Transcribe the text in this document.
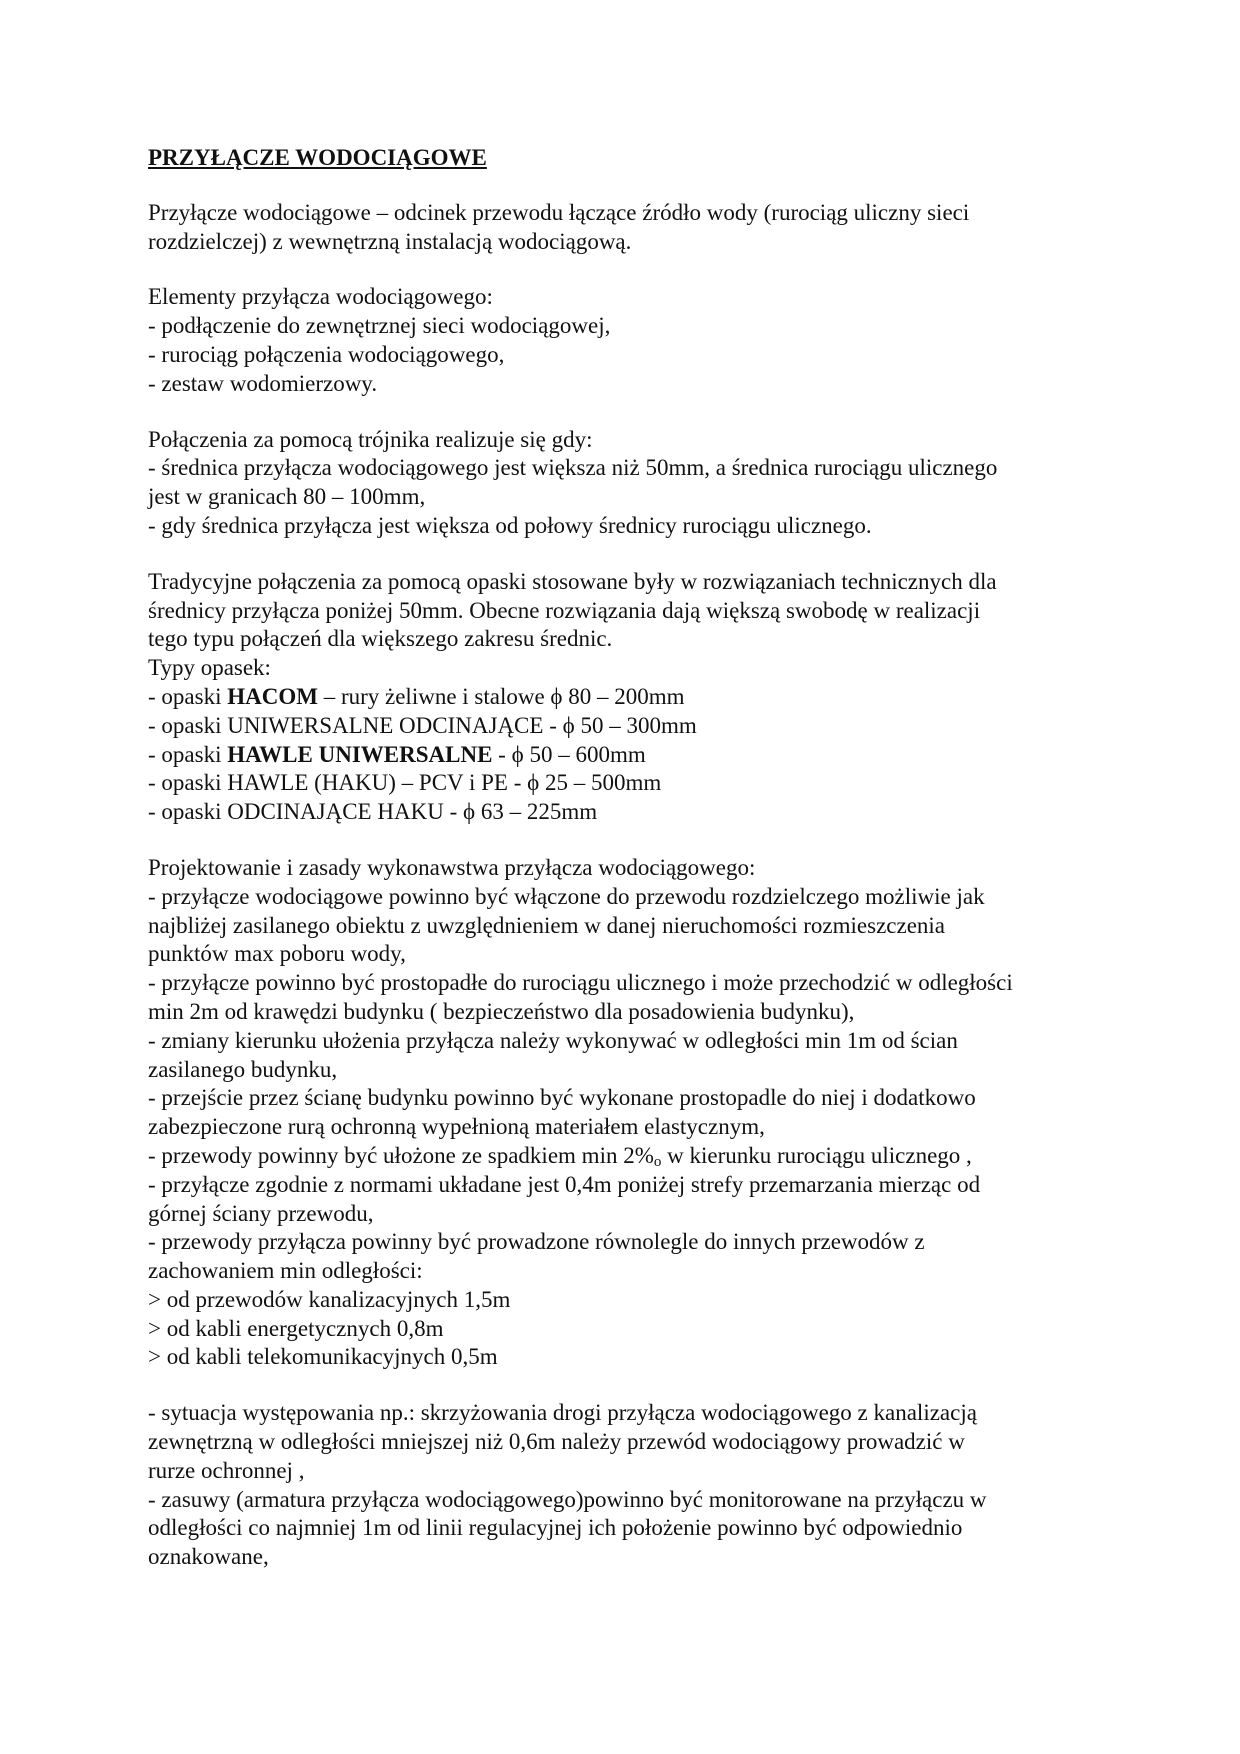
PRZYŁĄCZE WODOCIĄGOWE
Przyłącze wodociągowe – odcinek przewodu łączące źródło wody (rurociąg uliczny sieci
rozdzielczej) z wewnętrzną instalacją wodociągową.
Elementy przyłącza wodociągowego:
- podłączenie do zewnętrznej sieci wodociągowej,
- rurociąg połączenia wodociągowego,
- zestaw wodomierzowy.
Połączenia za pomocą trójnika realizuje się gdy:
- średnica przyłącza wodociągowego jest większa niż 50mm, a średnica rurociągu ulicznego
jest w granicach 80 – 100mm,
- gdy średnica przyłącza jest większa od połowy średnicy rurociągu ulicznego.
Tradycyjne połączenia za pomocą opaski stosowane były w rozwiązaniach technicznych dla
średnicy przyłącza poniżej 50mm. Obecne rozwiązania dają większą swobodę w realizacji
tego typu połączeń dla większego zakresu średnic.
Typy opasek:
- opaski HACOM – rury żeliwne i stalowe ϕ 80 – 200mm
- opaski UNIWERSALNE ODCINAJĄCE - ϕ 50 – 300mm
- opaski HAWLE UNIWERSALNE - ϕ 50 – 600mm
- opaski HAWLE (HAKU) – PCV i PE - ϕ 25 – 500mm
- opaski ODCINAJĄCE HAKU - ϕ 63 – 225mm
Projektowanie i zasady wykonawstwa przyłącza wodociągowego:
- przyłącze wodociągowe powinno być włączone do przewodu rozdzielczego możliwie jak
najbliżej zasilanego obiektu z uwzględnieniem w danej nieruchomości rozmieszczenia
punktów max poboru wody,
- przyłącze powinno być prostopadłe do rurociągu ulicznego i może przechodzić w odległości
min 2m od krawędzi budynku ( bezpieczeństwo dla posadowienia budynku),
- zmiany kierunku ułożenia przyłącza należy wykonywać w odległości min 1m od ścian
zasilanego budynku,
- przejście przez ścianę budynku powinno być wykonane prostopadle do niej i dodatkowo
zabezpieczone rurą ochronną wypełnioną materiałem elastycznym,
- przewody powinny być ułożone ze spadkiem $\min 2\%_o$ w kierunku rurociągu ulicznego ,
- przyłącze zgodnie z normami układane jest 0,4m poniżej strefy przemarzania mierząc od
górnej ściany przewodu,
- przewody przyłącza powinny być prowadzone równolegle do innych przewodów z
zachowaniem min odległości:
> od przewodów kanalizacyjnych 1,5m
> od kabli energetycznych 0,8m
> od kabli telekomunikacyjnych 0,5m
- sytuacja występowania np.: skrzyżowania drogi przyłącza wodociągowego z kanalizacją
zewnętrzną w odległości mniejszej niż 0,6m należy przewód wodociągowy prowadzić w
rurze ochronnej ,
- zasuwy (armatura przyłącza wodociągowego)powinno być monitorowane na przyłączu w
odległości co najmniej 1m od linii regulacyjnej ich położenie powinno być odpowiednio
oznakowane,
